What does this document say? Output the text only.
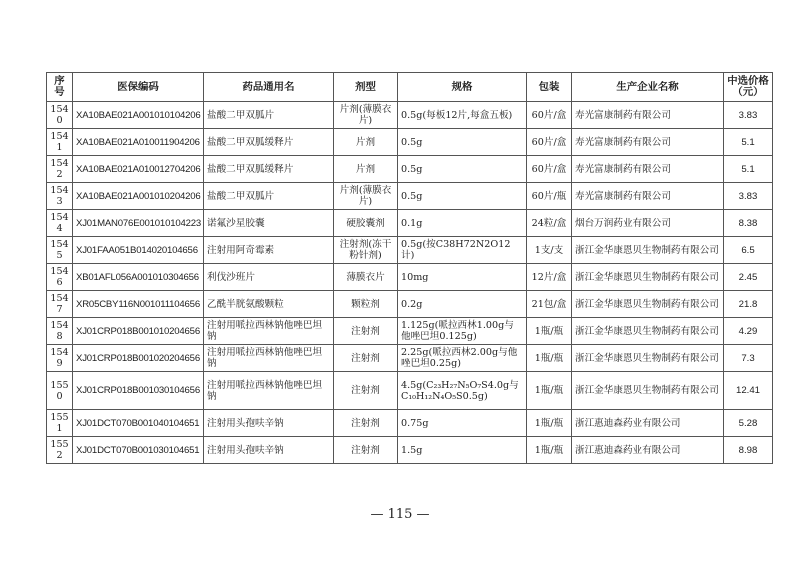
序号	医保编码	药品通用名	剂型	规格	包装	生产企业名称	中选价格（元）
1540	XA10BAE021A001010104206	盐酸二甲双胍片	片剂(薄膜衣片)	0.5g(每板12片,每盒五板)	60片/盒	寿光富康制药有限公司	3.83
1541	XA10BAE021A010011904206	盐酸二甲双胍缓释片	片剂	0.5g	60片/盒	寿光富康制药有限公司	5.1
1542	XA10BAE021A010012704206	盐酸二甲双胍缓释片	片剂	0.5g	60片/盒	寿光富康制药有限公司	5.1
1543	XA10BAE021A001010204206	盐酸二甲双胍片	片剂(薄膜衣片)	0.5g	60片/瓶	寿光富康制药有限公司	3.83
1544	XJ01MAN076E001010104223	诺氟沙星胶囊	硬胶囊剂	0.1g	24粒/盒	烟台万润药业有限公司	8.38
1545	XJ01FAA051B014020104656	注射用阿奇霉素	注射剂(冻干粉针剂)	0.5g(按C38H72N2O12计)	1支/支	浙江金华康恩贝生物制药有限公司	6.5
1546	XB01AFL056A001010304656	利伐沙班片	薄膜衣片	10mg	12片/盒	浙江金华康恩贝生物制药有限公司	2.45
1547	XR05CBY116N001011104656	乙酰半胱氨酸颗粒	颗粒剂	0.2g	21包/盒	浙江金华康恩贝生物制药有限公司	21.8
1548	XJ01CRP018B001010204656	注射用哌拉西林钠他唑巴坦钠	注射剂	1.125g(哌拉西林1.00g与他唑巴坦0.125g)	1瓶/瓶	浙江金华康恩贝生物制药有限公司	4.29
1549	XJ01CRP018B001020204656	注射用哌拉西林钠他唑巴坦钠	注射剂	2.25g(哌拉西林2.00g与他唑巴坦0.25g)	1瓶/瓶	浙江金华康恩贝生物制药有限公司	7.3
1550	XJ01CRP018B001030104656	注射用哌拉西林钠他唑巴坦钠	注射剂	4.5g(C₂₃H₂₇N₅O₇S4.0g与C₁₀H₁₂N₄O₅S0.5g)	1瓶/瓶	浙江金华康恩贝生物制药有限公司	12.41
1551	XJ01DCT070B001040104651	注射用头孢呋辛钠	注射剂	0.75g	1瓶/瓶	浙江惠迪森药业有限公司	5.28
1552	XJ01DCT070B001030104651	注射用头孢呋辛钠	注射剂	1.5g	1瓶/瓶	浙江惠迪森药业有限公司	8.98
— 115 —
